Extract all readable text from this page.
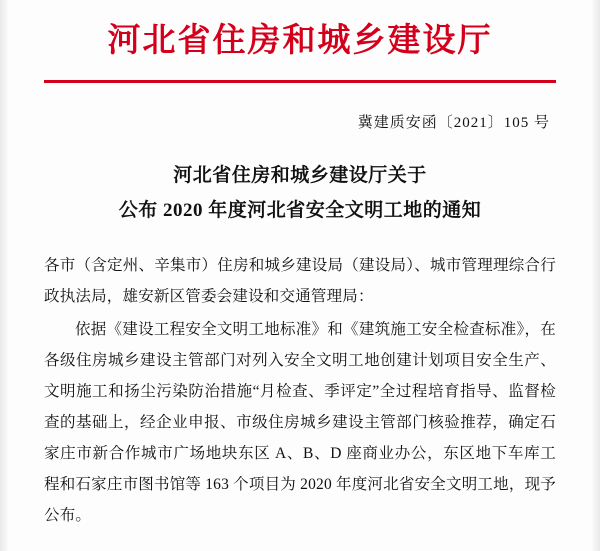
河北省住房和城乡建设厅
冀建质安函〔2021〕105 号
河北省住房和城乡建设厅关于
公布 2020 年度河北省安全文明工地的通知

各市（含定州、辛集市）住房和城乡建设局（建设局）、城市管理理综合行政执法局，雄安新区管委会建设和交通管理局：

依据《建设工程安全文明工地标准》和《建筑施工安全检查标准》，在各级住房城乡建设主管部门对列入安全文明工地创建计划项目安全生产、文明施工和扬尘污染防治措施“月检查、季评定”全过程培育指导、监督检查的基础上，经企业申报、市级住房城乡建设主管部门核验推荐，确定石家庄市新合作城市广场地块东区 A、B、D 座商业办公，东区地下车库工程和石家庄市图书馆等 163 个项目为 2020 年度河北省安全文明工地，现予公布。
